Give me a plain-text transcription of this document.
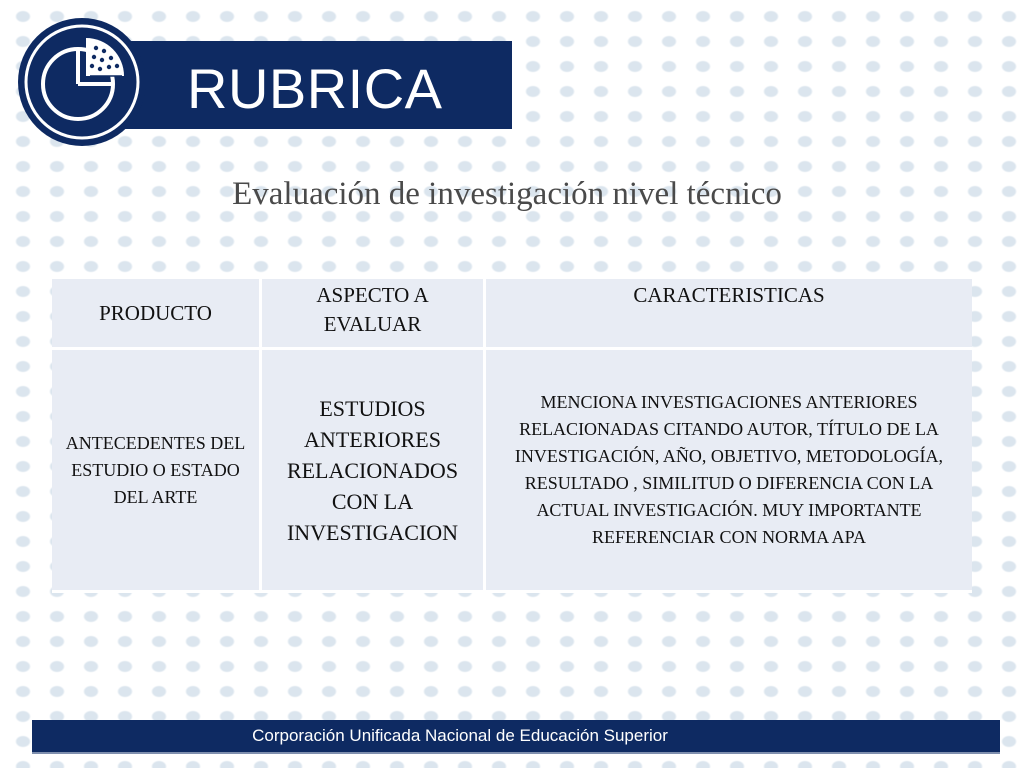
RUBRICA
Evaluación de investigación nivel técnico
PRODUCTO	ASPECTO A EVALUAR	CARACTERISTICAS
ANTECEDENTES DEL ESTUDIO O ESTADO DEL ARTE	ESTUDIOS ANTERIORES RELACIONADOS CON LA INVESTIGACION	MENCIONA INVESTIGACIONES ANTERIORES RELACIONADAS CITANDO AUTOR, TÍTULO DE LA INVESTIGACIÓN, AÑO, OBJETIVO, METODOLOGÍA, RESULTADO , SIMILITUD O DIFERENCIA CON LA ACTUAL INVESTIGACIÓN. MUY IMPORTANTE REFERENCIAR CON NORMA APA
Corporación Unificada Nacional de Educación Superior
